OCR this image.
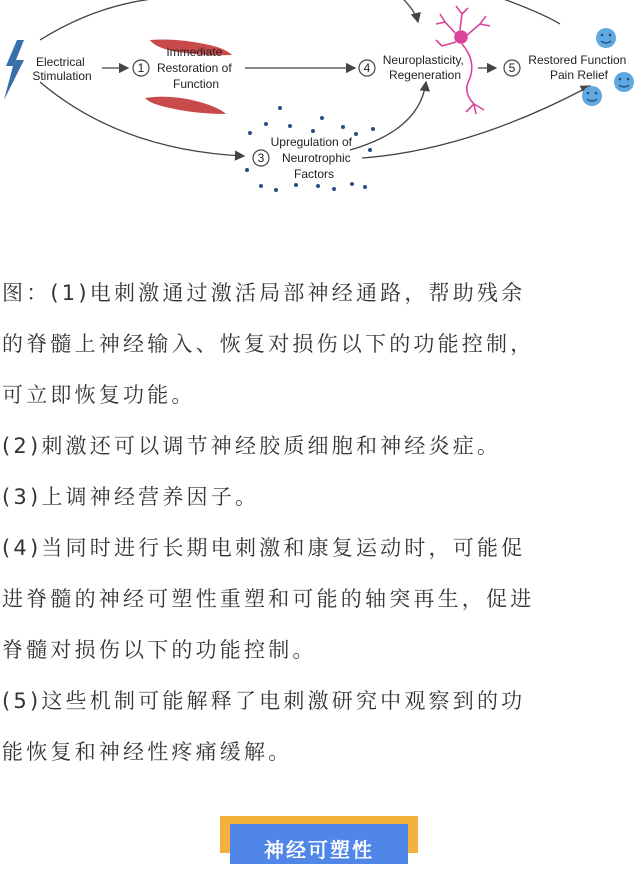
Electrical Stimulation
1
Immediate Restoration of Function
3
Upregulation of Neurotrophic Factors
4
Neuroplasticity, Regeneration	5
Restored Function Pain Relief

图：(1)电刺激通过激活局部神经通路，帮助残余

的脊髓上神经输入、恢复对损伤以下的功能控制，

可立即恢复功能。

(2)刺激还可以调节神经胶质细胞和神经炎症。

(3)上调神经营养因子。

(4)当同时进行长期电刺激和康复运动时，可能促

进脊髓的神经可塑性重塑和可能的轴突再生，促进

脊髓对损伤以下的功能控制。

(5)这些机制可能解释了电刺激研究中观察到的功

能恢复和神经性疼痛缓解。

神经可塑性
